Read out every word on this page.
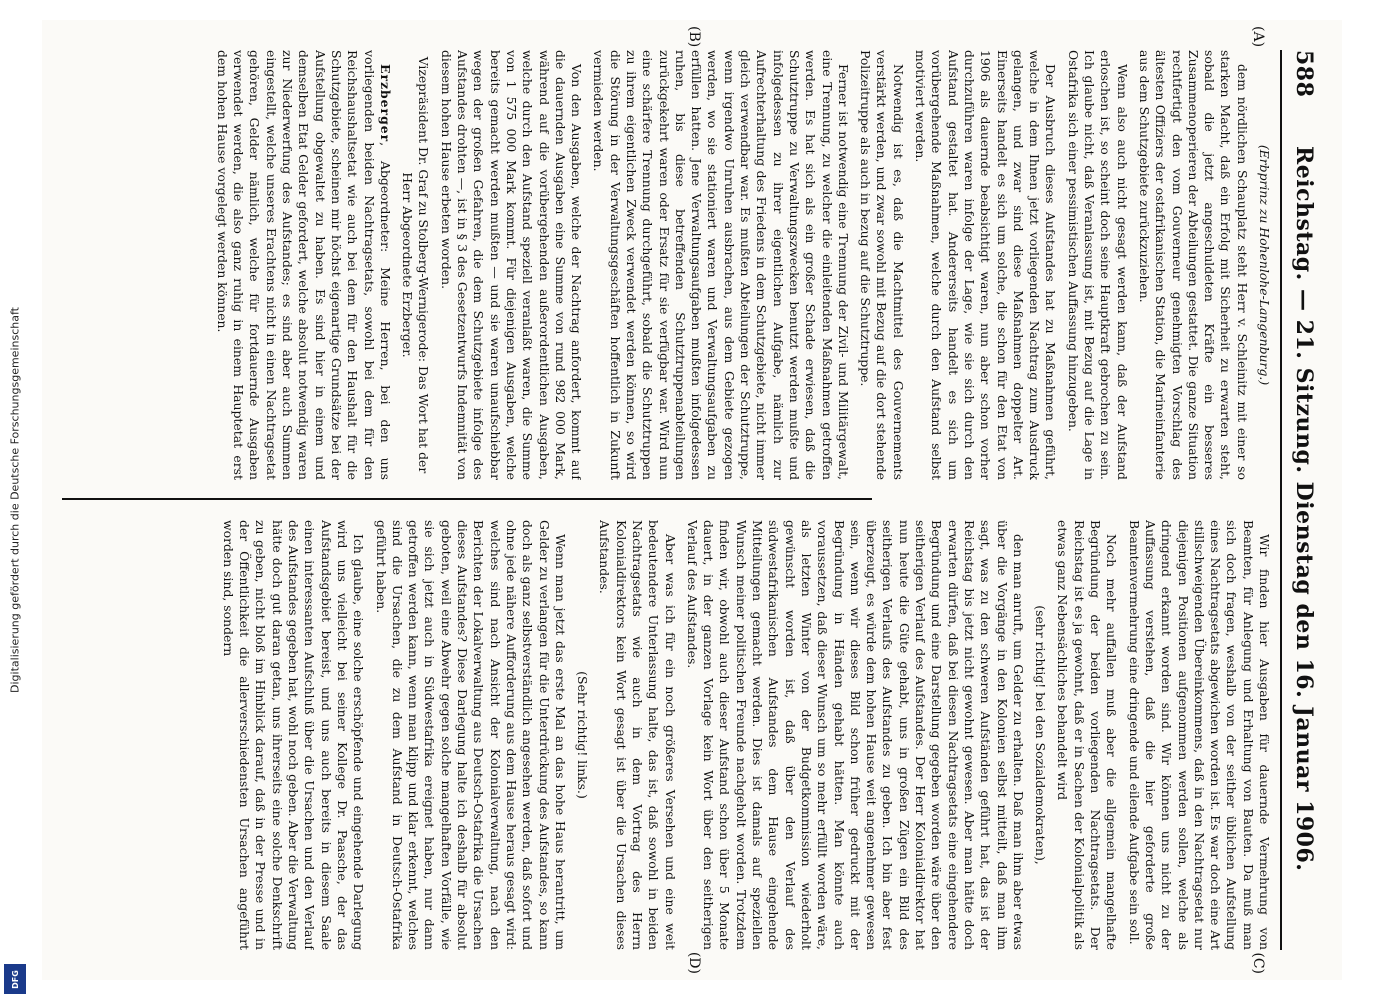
588
Reichstag. — 21. Sitzung. Dienstag den 16. Januar 1906.
(A)
(B)
(C)
(D)

(Erbprinz zu Hohenlohe-Langenburg.)

dem nördlichen Schauplatz steht Herr v. Schleinitz mit einer so starken Macht, daß ein Erfolg mit Sicherheit zu erwarten steht, sobald die jetzt angeschuldeten Kräfte ein besseres Zusammenoperieren der Abteilungen gestattet. Die ganze Situation rechtfertigt den vom Gouverneur genehmigten Vorschlag des ältesten Offiziers der ostafrikanischen Station, die Marineinfanterie aus dem Schutzgebiete zurückzuziehen.

Wenn also auch nicht gesagt werden kann, daß der Aufstand erloschen ist, so scheint doch seine Hauptkraft gebrochen zu sein. Ich glaube nicht, daß Veranlassung ist, mit Bezug auf die Lage in Ostafrika sich einer pessimistischen Auffassung hinzugeben.

Der Ausbruch dieses Aufstandes hat zu Maßnahmen geführt, welche in dem Ihnen jetzt vorliegenden Nachtrag zum Ausdruck gelangen, und zwar sind diese Maßnahmen doppelter Art. Einerseits handelt es sich um solche, die schon für den Etat von 1906 als dauernde beabsichtigt waren, nun aber schon vorher durchzuführen waren infolge der Lage, wie sie sich durch den Aufstand gestaltet hat. Andererseits handelt es sich um vorübergehende Maßnahmen, welche durch den Aufstand selbst motiviert werden.

Notwendig ist es, daß die Machtmittel des Gouvernements verstärkt werden, und zwar sowohl mit Bezug auf die dort stehende Polizeitruppe als auch in bezug auf die Schutztruppe.

Ferner ist notwendig eine Trennung der Zivil- und Militärgewalt, eine Trennung, zu welcher die einleitenden Maßnahmen getroffen werden. Es hat sich als ein großer Schade erwiesen, daß die Schutztruppe zu Verwaltungszwecken benutzt werden mußte und infolgedessen zu ihrer eigentlichen Aufgabe, nämlich zur Aufrechterhaltung des Friedens in dem Schutzgebiete, nicht immer gleich verwendbar war. Es mußten Abteilungen der Schutztruppe, wenn irgendwo Unruhen ausbrachen, aus dem Gebiete gezogen werden, wo sie stationiert waren und Verwaltungsaufgaben zu erfüllen hatten. Jene Verwaltungsaufgaben mußten infolgedessen ruhen, bis diese betreffenden Schutztruppenabteilungen zurückgekehrt waren oder Ersatz für sie verfügbar war. Wird nun eine schärfere Trennung durchgeführt, sobald die Schutztruppen zu ihrem eigentlichen Zweck verwendet werden können, so wird die Störung in der Verwaltungsgeschäften hoffentlich in Zukunft vermieden werden.

Von den Ausgaben, welche der Nachtrag anfordert, kommt auf die dauernden Ausgaben eine Summe von rund 982 000 Mark, während auf die vorübergehenden außerordentlichen Ausgaben, welche durch den Aufstand speziell veranlaßt waren, die Summe von 1 575 000 Mark kommt. Für diejenigen Ausgaben, welche bereits gemacht werden mußten — und sie waren unaufschiebbar wegen der großen Gefahren, die dem Schutzgebiete infolge des Aufstandes drohten —, ist in § 3 des Gesetzentwurfs Indemnität von diesem hohen Hause erbeten worden.

Vizepräsident Dr. Graf zu Stolberg-Wernigerode: Das Wort hat der Herr Abgeordnete Erzberger.

Erzberger, Abgeordneter: Meine Herren, bei den uns vorliegenden beiden Nachtragsetats, sowohl bei dem für den Reichshaushaltsetat wie auch bei dem für den Haushalt für die Schutzgebiete, scheinen mir höchst eigenartige Grundsätze bei der Aufstellung obgewaltet zu haben. Es sind hier in einem und demselben Etat Gelder gefordert, welche absolut notwendig waren zur Niederwerfung des Aufstandes; es sind aber auch Summen eingestellt, welche unseres Erachtens nicht in einen Nachtragsetat gehören, Gelder nämlich, welche für fortdauernde Ausgaben verwendet werden, die also ganz ruhig in einem Hauptetat erst dem hohen Hause vorgelegt werden können.

Wir finden hier Ausgaben für dauernde Vermehrung von Beamten, für Anlegung und Erhaltung von Bauten. Da muß man sich doch fragen, weshalb von der seither üblichen Aufstellung eines Nachtragsetats abgewichen worden ist. Es war doch eine Art stillschweigenden Übereinkommens, daß in den Nachtragsetat nur diejenigen Positionen aufgenommen werden sollen, welche als dringend erkannt worden sind. Wir können uns nicht zu der Auffassung verstehen, daß die hier geforderte große Beamtenvermehrung eine dringende und eilende Aufgabe sein soll.

Noch mehr auffallen muß aber die allgemein mangelhafte Begründung der beiden vorliegenden Nachtragsetats. Der Reichstag ist es ja gewohnt, daß er in Sachen der Kolonialpolitik als etwas ganz Nebensächliches behandelt wird

(sehr richtig! bei den Sozialdemokraten),

den man anruft, um Gelder zu erhalten. Daß man ihm aber etwas über die Vorgänge in den Kolonien selbst mitteilt, daß man ihm sagt, was zu den schweren Aufständen geführt hat, das ist der Reichstag bis jetzt nicht gewohnt gewesen. Aber man hätte doch erwarten dürfen, daß bei diesen Nachtragsetats eine eingehendere Begründung und eine Darstellung gegeben worden wäre über den seitherigen Verlauf des Aufstandes. Der Herr Kolonialdirektor hat nun heute die Güte gehabt, uns in großen Zügen ein Bild des seitherigen Verlaufs des Aufstandes zu geben. Ich bin aber fest überzeugt, es würde dem hohen Hause weit angenehmer gewesen sein, wenn wir dieses Bild schon früher gedruckt mit der Begründung in Händen gehabt hätten. Man könnte auch voraussetzen, daß dieser Wunsch um so mehr erfüllt worden wäre, als letzten Winter von der Budgetkommission wiederholt gewünscht worden ist, daß über den Verlauf des südwestafrikanischen Aufstandes dem Hause eingehende Mitteilungen gemacht werden. Dies ist damals auf speziellen Wunsch meiner politischen Freunde nachgeholt worden. Trotzdem finden wir, obwohl auch dieser Aufstand schon über 5 Monate dauert, in der ganzen Vorlage kein Wort über den seitherigen Verlauf des Aufstandes.

Aber was ich für ein noch größeres Versehen und eine weit bedeutendere Unterlassung halte, das ist, daß sowohl in beiden Nachtragsetats wie auch in dem Vortrag des Herrn Kolonialdirektors kein Wort gesagt ist über die Ursachen dieses Aufstandes.

(Sehr richtig! links.)

Wenn man jetzt das erste Mal an das hohe Haus herantritt, um Gelder zu verlangen für die Unterdrückung des Aufstandes, so kann doch als ganz selbstverständlich angesehen werden, daß sofort und ohne jede nähere Aufforderung aus dem Hause heraus gesagt wird: welches sind nach Ansicht der Kolonialverwaltung, nach den Berichten der Lokalverwaltung aus Deutsch-Ostafrika die Ursachen dieses Aufstandes? Diese Darlegung halte ich deshalb für absolut geboten, weil eine Abwehr gegen solche mangelhaften Vorfälle, wie sie sich jetzt auch in Südwestafrika ereignet haben, nur dann getroffen werden kann, wenn man klipp und klar erkennt, welches sind die Ursachen, die zu dem Aufstand in Deutsch-Ostafrika geführt haben.

Ich glaube, eine solche erschöpfende und eingehende Darlegung wird uns vielleicht bei seiner Kollege Dr. Paasche, der das Aufstandsgebiet bereist, und uns auch bereits in diesem Saale einen interessanten Aufschluß über die Ursachen und den Verlauf des Aufstandes gegeben hat, wohl noch geben. Aber die Verwaltung hätte doch gut daran getan, uns ihrerseits eine solche Denkschrift zu geben, nicht bloß im Hinblick darauf, daß in der Presse und in der Öffentlichkeit die allerverschiedensten Ursachen angeführt worden sind, sondern

Digitalisierung gefördert durch die Deutsche Forschungsgemeinschaft
DFG
